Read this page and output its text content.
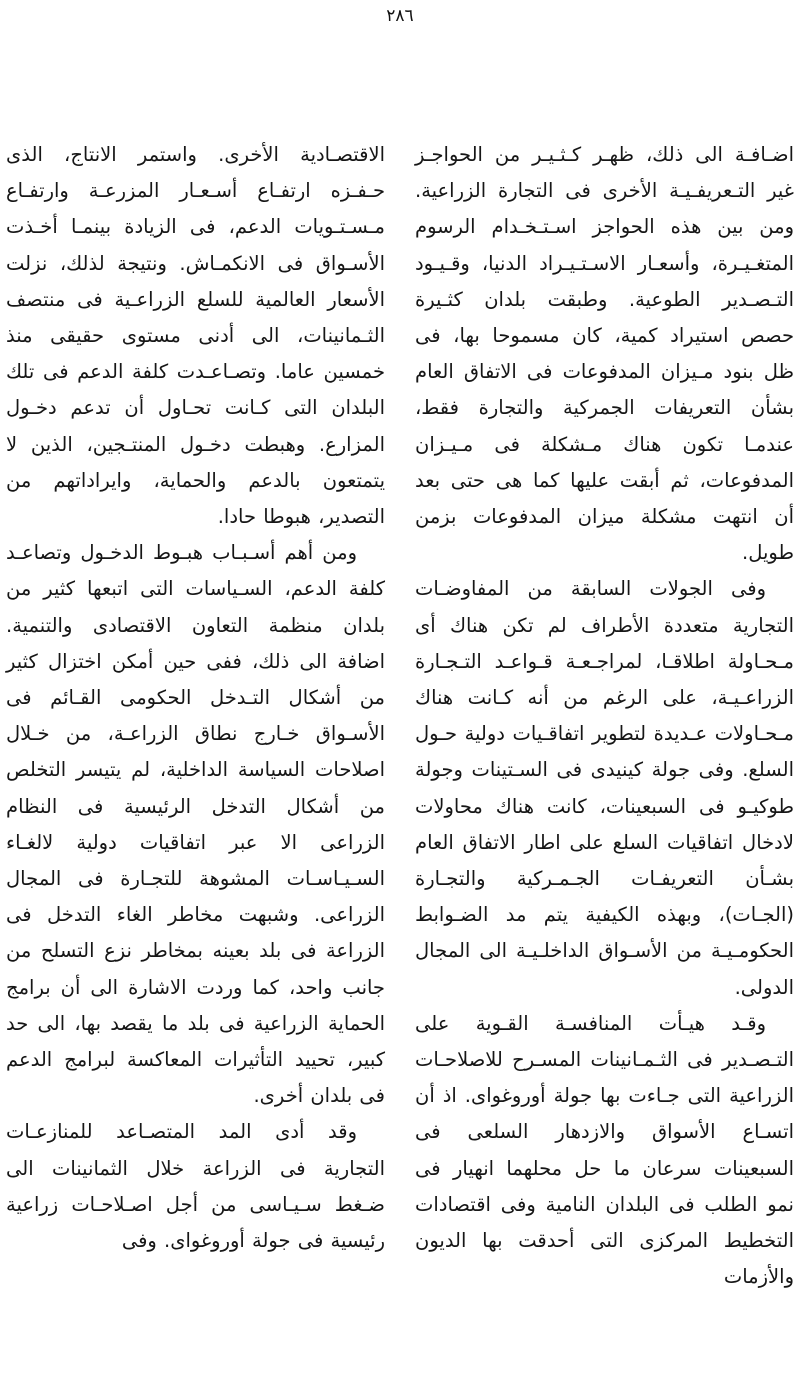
٢٨٦

اضـافـة الى ذلك، ظهـر كـثـيـر من الحواجـز غير التـعريفـيـة الأخرى فى التجارة الزراعية. ومن بين هذه الحواجز اسـتـخـدام الرسوم المتغـيـرة، وأسعـار الاسـتـيـراد الدنيا، وقـيـود التـصـدير الطوعية. وطبقت بلدان كثـيرة حصص استيراد كمية، كان مسموحا بها، فى ظل بنود مـيزان المدفوعات فى الاتفاق العام بشأن التعريفات الجمركية والتجارة فقط، عندمـا تكون هناك مـشكلة فى مـيـزان المدفوعات، ثم أبقت عليها كما هى حتى بعد أن انتهت مشكلة ميزان المدفوعات بزمن طويل.

وفى الجولات السابقة من المفاوضـات التجارية متعددة الأطراف لم تكن هناك أى مـحـاولة اطلاقـا، لمراجـعـة قـواعـد التـجـارة الزراعـيـة، على الرغم من أنه كـانت هناك مـحـاولات عـديدة لتطوير اتفاقـيات دولية حـول السلع. وفى جولة كينيدى فى السـتينات وجولة طوكيـو فى السبعينات، كانت هناك محاولات لادخال اتفاقيات السلع على اطار الاتفاق العام بشـأن التعريفـات الجـمـركية والتجـارة (الجـات)، وبهذه الكيفية يتم مد الضـوابط الحكومـيـة من الأسـواق الداخلـيـة الى المجال الدولى.

وقـد هيـأت المنافسـة القـوية على التـصـدير فى الثـمـانينات المسـرح للاصلاحـات الزراعية التى جـاءت بها جولة أوروغواى. اذ أن اتسـاع الأسواق والازدهار السلعى فى السبعينات سرعان ما حل محلهما انهيار فى نمو الطلب فى البلدان النامية وفى اقتصادات التخطيط المركزى التى أحدقت بها الديون والأزمات

الاقتصـادية الأخرى. واستمر الانتاج، الذى حـفـزه ارتفـاع أسـعـار المزرعـة وارتفـاع مـسـتـويات الدعم، فى الزيادة بينمـا أخـذت الأسـواق فى الانكمـاش. ونتيجة لذلك، نزلت الأسعار العالمية للسلع الزراعـية فى منتصف الثـمانينات، الى أدنى مستوى حقيقى منذ خمسين عاما. وتصـاعـدت كلفة الدعم فى تلك البلدان التى كـانت تحـاول أن تدعم دخـول المزارع. وهبطت دخـول المنتـجين، الذين لا يتمتعون بالدعم والحماية، وايراداتهم من التصدير، هبوطا حادا.

ومن أهم أسـبـاب هبـوط الدخـول وتصاعـد كلفة الدعم، السـياسات التى اتبعها كثير من بلدان منظمة التعاون الاقتصادى والتنمية. اضافة الى ذلك، ففى حين أمكن اختزال كثير من أشكال التـدخل الحكومى القـائم فى الأسـواق خـارج نطاق الزراعـة، من خـلال اصلاحات السياسة الداخلية، لم يتيسر التخلص من أشكال التدخل الرئيسية فى النظام الزراعى الا عبر اتفاقيات دولية لالغـاء السـيـاسـات المشوهة للتجـارة فى المجال الزراعى. وشبهت مخاطر الغاء التدخل فى الزراعة فى بلد بعينه بمخاطر نزع التسلح من جانب واحد، كما وردت الاشارة الى أن برامج الحماية الزراعية فى بلد ما يقصد بها، الى حد كبير، تحييد التأثيرات المعاكسة لبرامج الدعم فى بلدان أخرى.

وقد أدى المد المتصـاعد للمنازعـات التجارية فى الزراعة خلال الثمانينات الى ضـغط سـيـاسى من أجل اصـلاحـات زراعية رئيسية فى جولة أوروغواى. وفى
